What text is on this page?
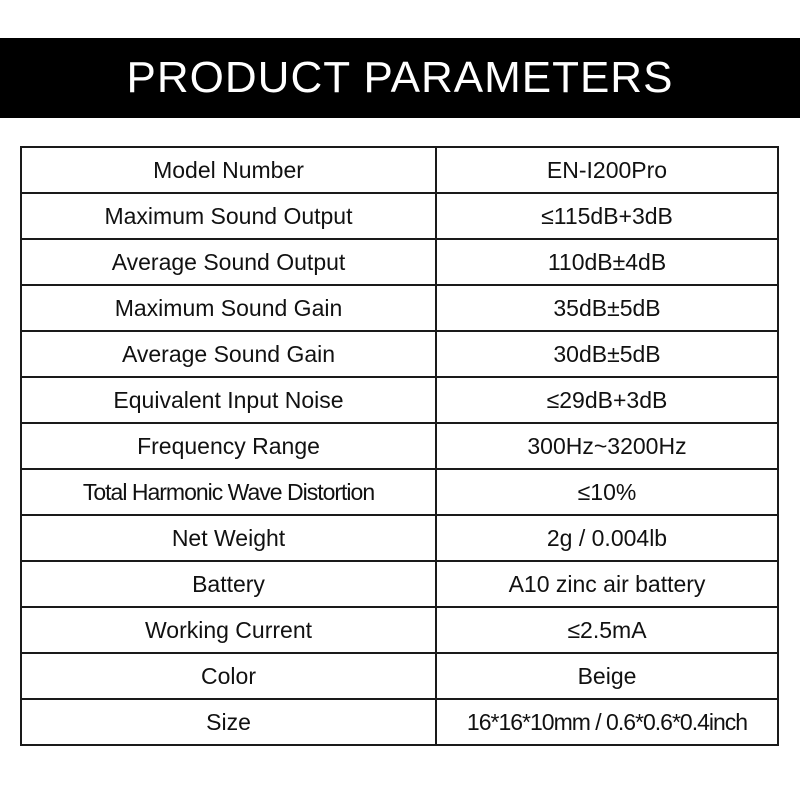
PRODUCT PARAMETERS
Model Number	EN-I200Pro
Maximum Sound Output	≤115dB+3dB
Average Sound Output	110dB±4dB
Maximum Sound Gain	35dB±5dB
Average Sound Gain	30dB±5dB
Equivalent Input Noise	≤29dB+3dB
Frequency Range	300Hz~3200Hz
Total Harmonic Wave Distortion	≤10%
Net Weight	2g / 0.004lb
Battery	A10 zinc air battery
Working Current	≤2.5mA
Color	Beige
Size	16*16*10mm / 0.6*0.6*0.4inch
